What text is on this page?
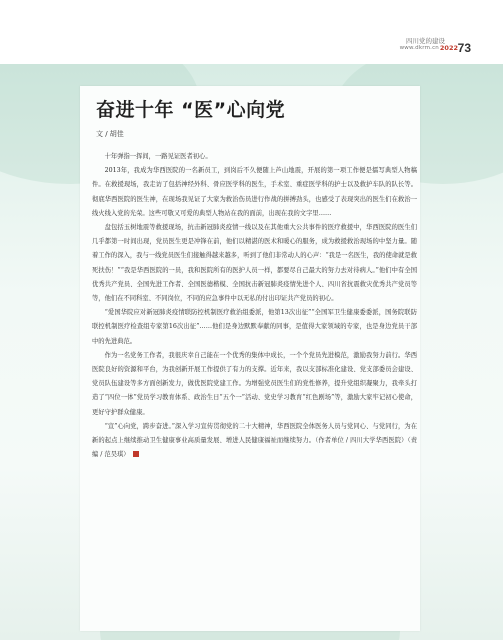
四川党的建设
www.dkrm.cn 2022 73
奋进十年 “医”心向党
文 / 胡佳

十年弹指一挥间，一路见证医者初心。

2013年，我成为华西医院的一名新员工，到岗后不久便随上芦山地震，开展的第一项工作便是擂写典型人物稿件。在救援现场，我走访了包括神经外科、骨应医学科的医生，手术室、重症医学科的护士以及救护车队的队长等。彻底华西医院的医生神，在现场我见证了大家为救治伤员进行作战的拼搏劲头，也感受了表现突出的医生们在救治一线火线入党的光荣。这些可敬又可爱的典型人物站在我的面前，出现在我的文字里……

盘包括玉树地震等救援现场，抗击新冠肺炎疫情一线以及在其他重大公共事件的医疗救援中，华西医院的医生们几乎都第一时间出现，党员医生更是冲锋在前，他们以精湛的医术和暖心的服务，成为救援救治现场的中坚力量。随着工作的深入，我与一线党员医生们接触得越来越多，听到了他们非常动人的心声：“我是一名医生，我的使命就是救死扶伤！”“我是华西医院的一员，我和医院所有的医护人员一样，都要尽自己最大的努力去对待病人。”他们中有全国优秀共产党员、全国先进工作者、全国医德楷模、全国抗击新冠肺炎疫情先进个人、四川省抗震救灾优秀共产党员等等，他们在不同科室、不同岗位，不同的应急事件中以无私的付出印证共产党员的初心。

“爱国华院应对新冠肺炎疫情联防控机制医疗救治组委派，他第13次出征”“全国军卫生健康委委派，国务院联防联控机制医疗检查组专家第16次出征”……他们是身边默默奉献的同事，是值得大家领域的专家，也是身边党员干部中的先进典范。

作为一名党务工作者，我很庆幸自己能在一个优秀的集体中成长，一个个党员先进模范，激励我努力前行。华西医院良好的资源和平台，为我创新开展工作提供了有力的支撑。近年来，我以支部标准化建设、党支部委员会建设、党员队伍建设等多方面创新发力，做优医院党建工作。为增强党员医生们的党性修养，提升党组织凝聚力，我牵头打造了“四位一体”党员学习教育体系、政治生日“五个一”活动、党史学习教育“红色剧场”等，激励大家牢记初心使命，更好守护群众健康。

“宣”心向党，跨步奋进。”深入学习宣传贯彻党的二十大精神，华西医院全体医务人员与党同心、与党同行，为在新的起点上继续推动卫生健康事业高质量发展、增进人民健康福祉而继续努力。（作者单位 / 四川大学华西医院）（责编 / 范昊琪）
